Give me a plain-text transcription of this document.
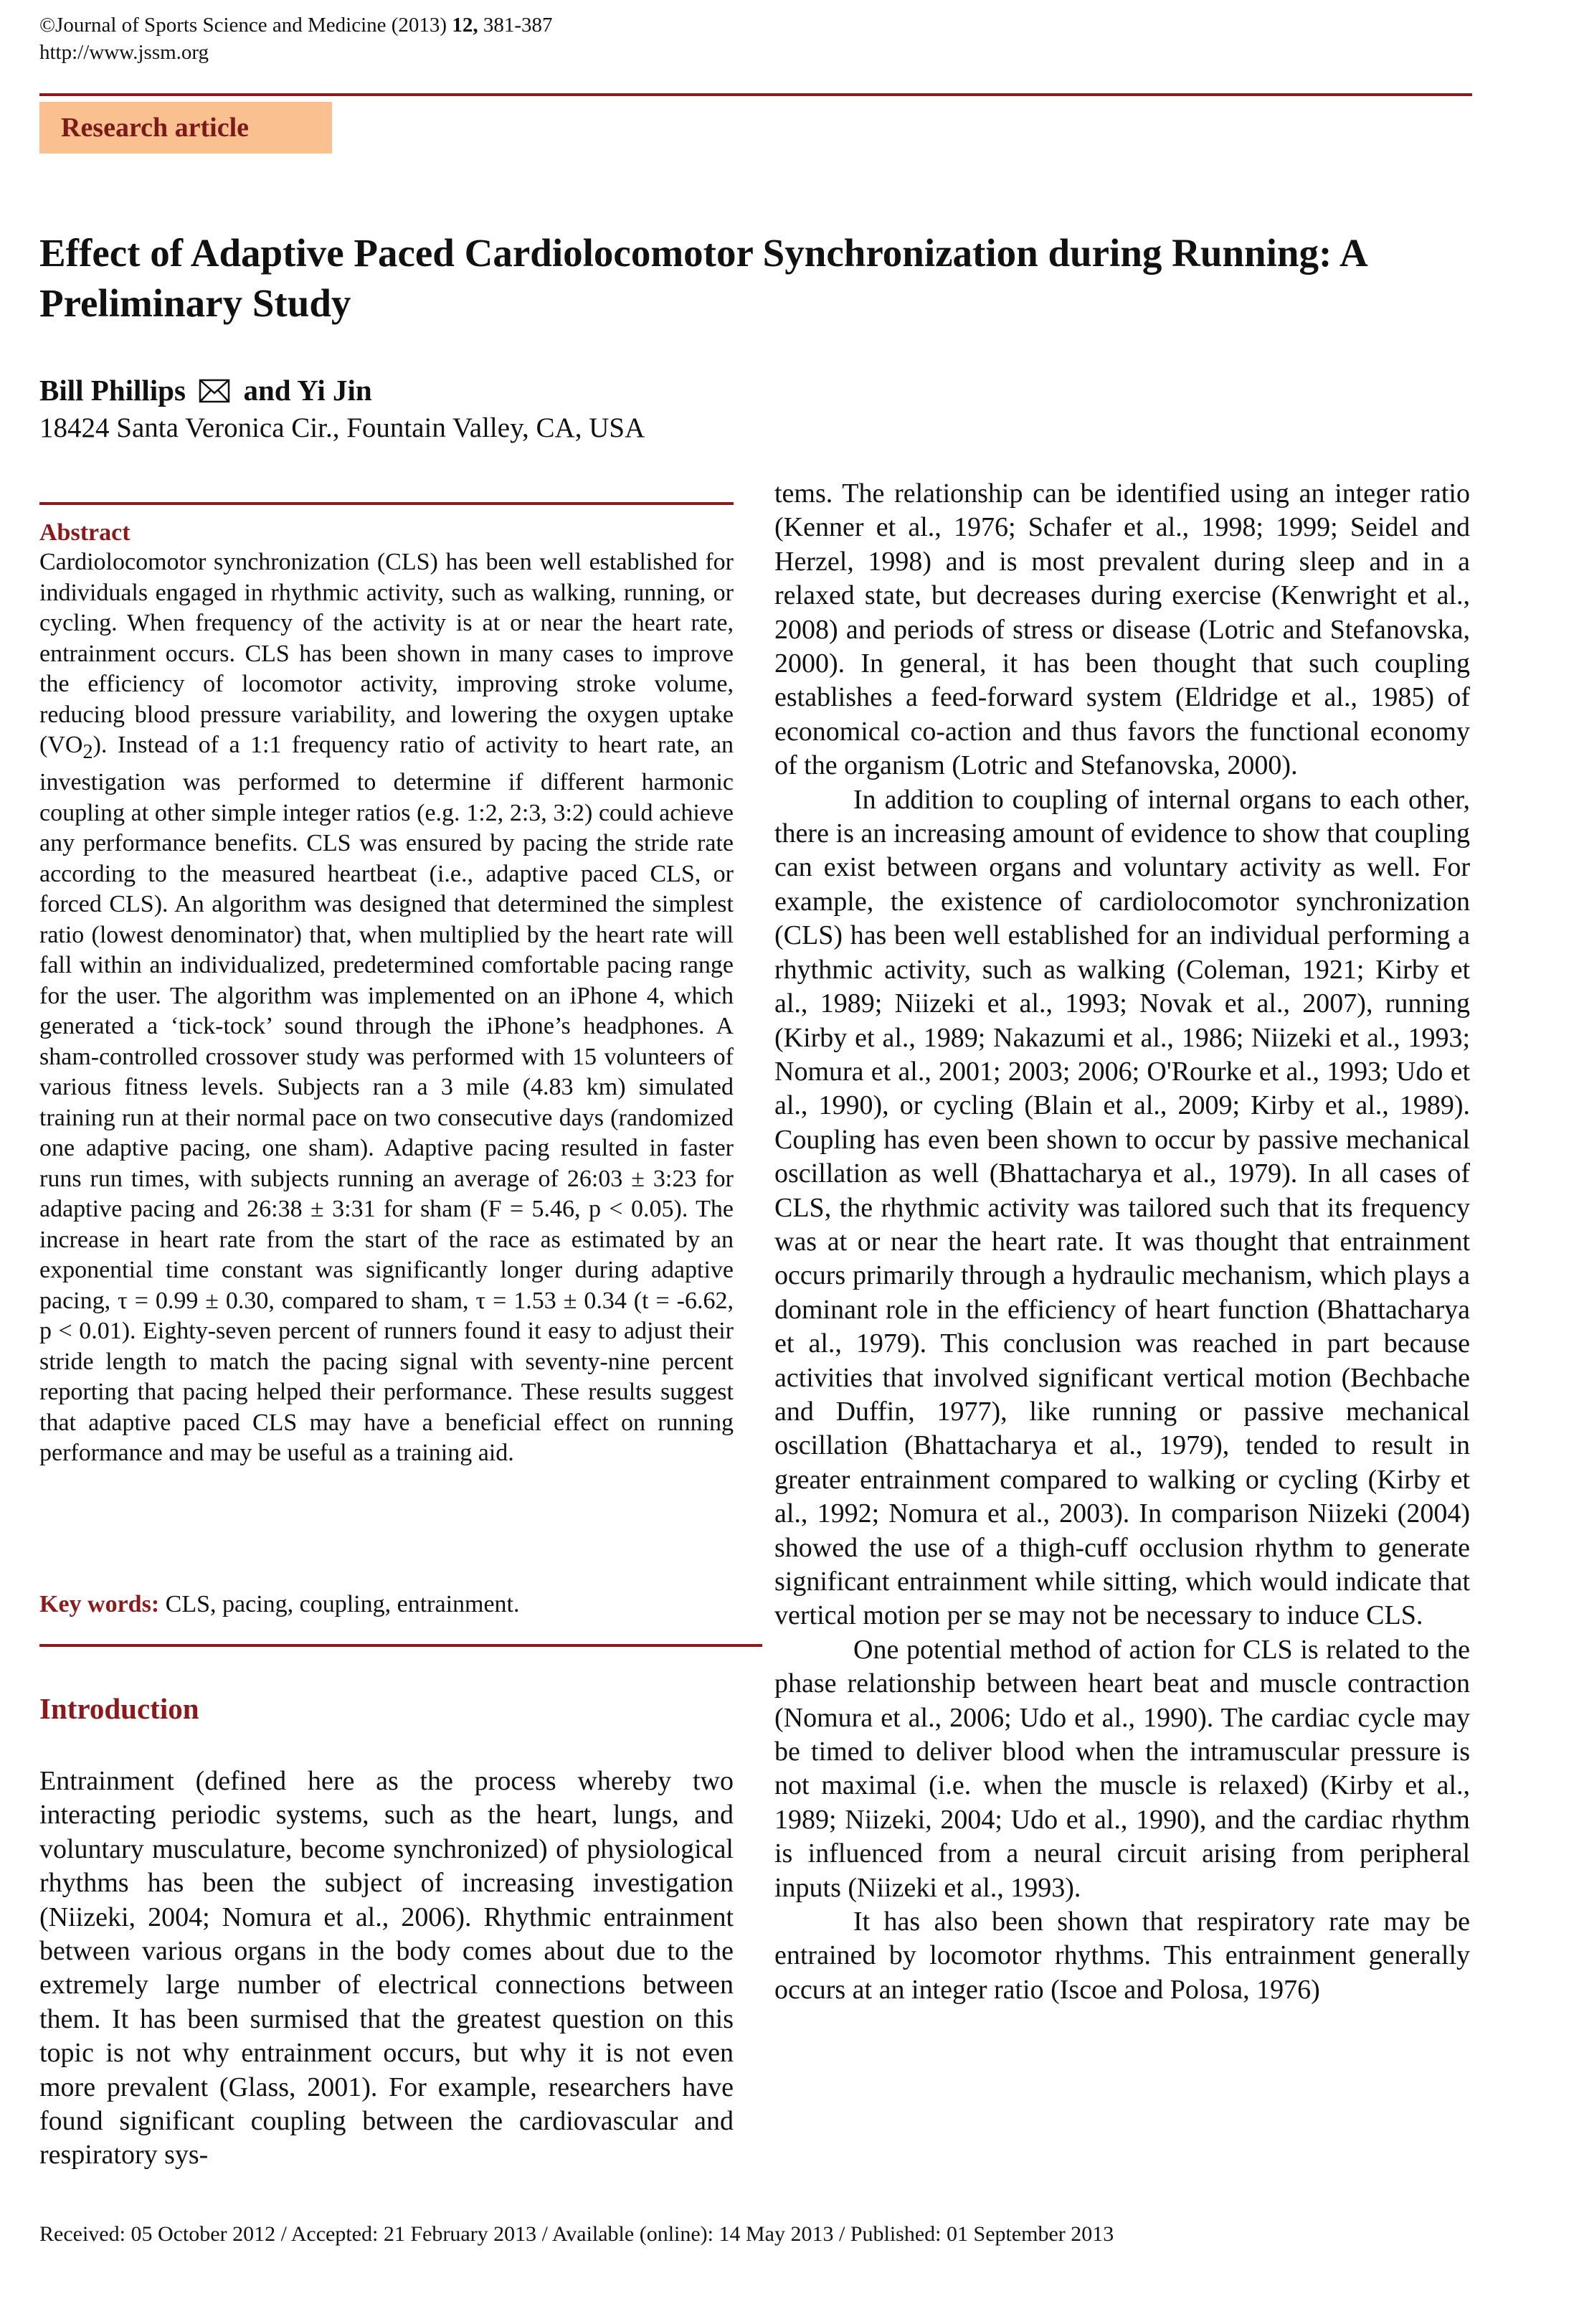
©Journal of Sports Science and Medicine (2013) 12, 381-387
http://www.jssm.org
Research article
Effect of Adaptive Paced Cardiolocomotor Synchronization during Running: A Preliminary Study
Bill Phillips  and Yi Jin
18424 Santa Veronica Cir., Fountain Valley, CA, USA
Abstract

Cardiolocomotor synchronization (CLS) has been well established for individuals engaged in rhythmic activity, such as walking, running, or cycling. When frequency of the activity is at or near the heart rate, entrainment occurs. CLS has been shown in many cases to improve the efficiency of locomotor activity, improving stroke volume, reducing blood pressure variability, and lowering the oxygen uptake $(VO_2)$. Instead of a 1:1 frequency ratio of activity to heart rate, an investigation was performed to determine if different harmonic coupling at other simple integer ratios (e.g. 1:2, 2:3, 3:2) could achieve any performance benefits. CLS was ensured by pacing the stride rate according to the measured heartbeat (i.e., adaptive paced CLS, or forced CLS). An algorithm was designed that determined the simplest ratio (lowest denominator) that, when multiplied by the heart rate will fall within an individualized, predetermined comfortable pacing range for the user. The algorithm was implemented on an iPhone 4, which generated a ‘tick-tock’ sound through the iPhone’s headphones. A sham-controlled crossover study was performed with 15 volunteers of various fitness levels. Subjects ran a 3 mile (4.83 km) simulated training run at their normal pace on two consecutive days (randomized one adaptive pacing, one sham). Adaptive pacing resulted in faster runs run times, with subjects running an average of 26:03 ± 3:23 for adaptive pacing and 26:38 ± 3:31 for sham (F = 5.46, p < 0.05). The increase in heart rate from the start of the race as estimated by an exponential time constant was significantly longer during adaptive pacing, τ = 0.99 ± 0.30, compared to sham, τ = 1.53 ± 0.34 (t = -6.62, p < 0.01). Eighty-seven percent of runners found it easy to adjust their stride length to match the pacing signal with seventy-nine percent reporting that pacing helped their performance. These results suggest that adaptive paced CLS may have a beneficial effect on running performance and may be useful as a training aid.

Key words: CLS, pacing, coupling, entrainment.
Introduction

Entrainment (defined here as the process whereby two interacting periodic systems, such as the heart, lungs, and voluntary musculature, become synchronized) of physiological rhythms has been the subject of increasing investigation (Niizeki, 2004; Nomura et al., 2006). Rhythmic entrainment between various organs in the body comes about due to the extremely large number of electrical connections between them. It has been surmised that the greatest question on this topic is not why entrainment occurs, but why it is not even more prevalent (Glass, 2001). For example, researchers have found significant coupling between the cardiovascular and respiratory sys-

tems. The relationship can be identified using an integer ratio (Kenner et al., 1976; Schafer et al., 1998; 1999; Seidel and Herzel, 1998) and is most prevalent during sleep and in a relaxed state, but decreases during exercise (Kenwright et al., 2008) and periods of stress or disease (Lotric and Stefanovska, 2000). In general, it has been thought that such coupling establishes a feed-forward system (Eldridge et al., 1985) of economical co-action and thus favors the functional economy of the organism (Lotric and Stefanovska, 2000).

In addition to coupling of internal organs to each other, there is an increasing amount of evidence to show that coupling can exist between organs and voluntary activity as well. For example, the existence of cardiolocomotor synchronization (CLS) has been well established for an individual performing a rhythmic activity, such as walking (Coleman, 1921; Kirby et al., 1989; Niizeki et al., 1993; Novak et al., 2007), running (Kirby et al., 1989; Nakazumi et al., 1986; Niizeki et al., 1993; Nomura et al., 2001; 2003; 2006; O'Rourke et al., 1993; Udo et al., 1990), or cycling (Blain et al., 2009; Kirby et al., 1989). Coupling has even been shown to occur by passive mechanical oscillation as well (Bhattacharya et al., 1979). In all cases of CLS, the rhythmic activity was tailored such that its frequency was at or near the heart rate. It was thought that entrainment occurs primarily through a hydraulic mechanism, which plays a dominant role in the efficiency of heart function (Bhattacharya et al., 1979). This conclusion was reached in part because activities that involved significant vertical motion (Bechbache and Duffin, 1977), like running or passive mechanical oscillation (Bhattacharya et al., 1979), tended to result in greater entrainment compared to walking or cycling (Kirby et al., 1992; Nomura et al., 2003). In comparison Niizeki (2004) showed the use of a thigh-cuff occlusion rhythm to generate significant entrainment while sitting, which would indicate that vertical motion per se may not be necessary to induce CLS.

One potential method of action for CLS is related to the phase relationship between heart beat and muscle contraction (Nomura et al., 2006; Udo et al., 1990). The cardiac cycle may be timed to deliver blood when the intramuscular pressure is not maximal (i.e. when the muscle is relaxed) (Kirby et al., 1989; Niizeki, 2004; Udo et al., 1990), and the cardiac rhythm is influenced from a neural circuit arising from peripheral inputs (Niizeki et al., 1993).

It has also been shown that respiratory rate may be entrained by locomotor rhythms. This entrainment generally occurs at an integer ratio (Iscoe and Polosa, 1976)

Received: 05 October 2012 / Accepted: 21 February 2013 / Available (online): 14 May 2013 / Published: 01 September 2013
